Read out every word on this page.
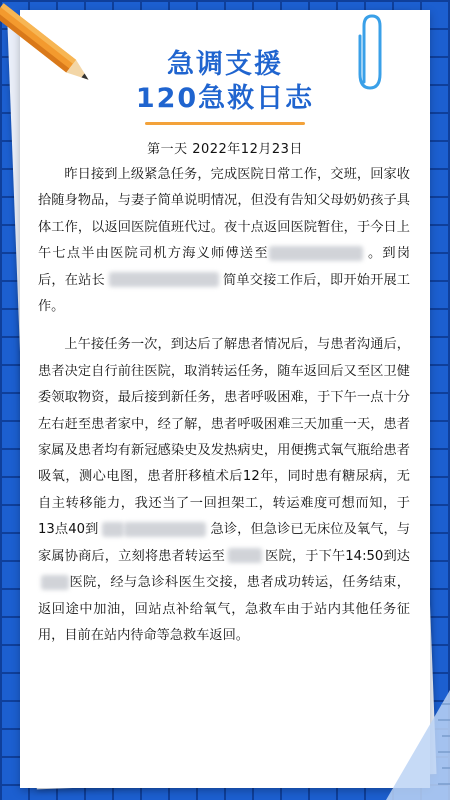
急调支援
120急救日志
第一天 2022年12月23日

昨日接到上级紧急任务，完成医院日常工作，交班，回家收拾随身物品，与妻子简单说明情况，但没有告知父母奶奶孩子具体工作，以返回医院值班代过。夜十点返回医院暂住，于今日上午七点半由医院司机方海义师傅送至	。到岗后，在站长	简单交接工作后，即开始开展工作。

上午接任务一次，到达后了解患者情况后，与患者沟通后，患者决定自行前往医院，取消转运任务，随车返回后又至区卫健委领取物资，最后接到新任务，患者呼吸困难，于下午一点十分左右赶至患者家中，经了解，患者呼吸困难三天加重一天，患者家属及患者均有新冠感染史及发热病史，用便携式氧气瓶给患者吸氧，测心电图，患者肝移植术后12年，同时患有糖尿病，无自主转移能力，我还当了一回担架工，转运难度可想而知，于13点40到	急诊，但急诊已无床位及氧气，与家属协商后，立刻将患者转运至	医院，于下午14:50到达医院，经与急诊科医生交接，患者成功转运，任务结束，返回途中加油，回站点补给氧气，急救车由于站内其他任务征用，目前在站内待命等急救车返回。
